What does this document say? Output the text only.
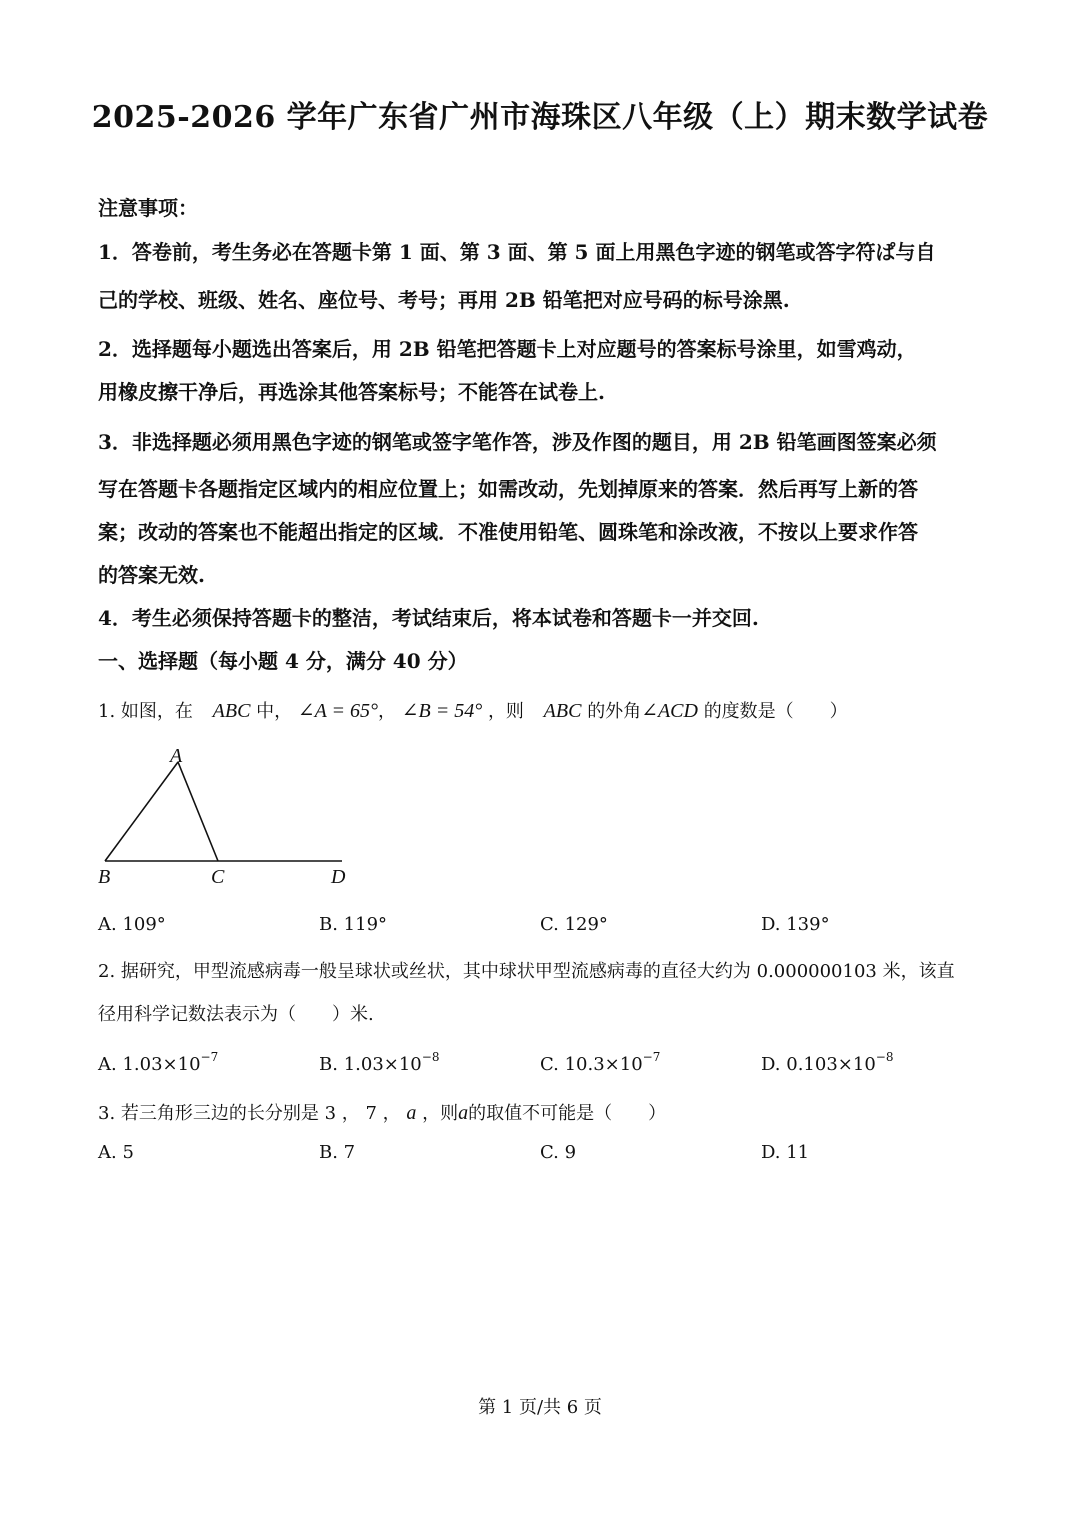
2025-2026 学年广东省广州市海珠区八年级（上）期末数学试卷
注意事项：
1．答卷前，考生务必在答题卡第 1 面、第 3 面、第 5 面上用黑色字迹的钢笔或答字符ぱ与自
己的学校、班级、姓名、座位号、考号；再用 2B 铅笔把对应号码的标号涂黑.
2．选择题每小题选出答案后，用 2B 铅笔把答题卡上对应题号的答案标号涂里，如雪鸡动，
用橡皮擦干净后，再选涂其他答案标号；不能答在试卷上.
3．非选择题必须用黑色字迹的钢笔或签字笔作答，涉及作图的题目，用 2B 铅笔画图签案必须
写在答题卡各题指定区域内的相应位置上；如需改动，先划掉原来的答案．然后再写上新的答
案；改动的答案也不能超出指定的区域．不准使用铅笔、圆珠笔和涂改液，不按以上要求作答
的答案无效.
4．考生必须保持答题卡的整洁，考试结束后，将本试卷和答题卡一并交回.
一、选择题（每小题 4 分，满分 40 分）
1. 如图，在 ABC 中， ∠A = 65°， ∠B = 54° ，则 ABC 的外角∠ACD 的度数是（　　）
A
B	C	D
A. 109°	B. 119°	C. 129°	D. 139°
2. 据研究，甲型流感病毒一般呈球状或丝状，其中球状甲型流感病毒的直径大约为 0.000000103 米，该直
径用科学记数法表示为（　　）米.
A. $1.03\times 10^{-7}$	B. $1.03\times 10^{-8}$	C. $10.3\times 10^{-7}$	D. $0.103\times 10^{-8}$
3. 若三角形三边的长分别是 3 ， 7 ， a ，则a的取值不可能是（　　）
A. 5	B. 7	C. 9	D. 11
第 1 页/共 6 页
